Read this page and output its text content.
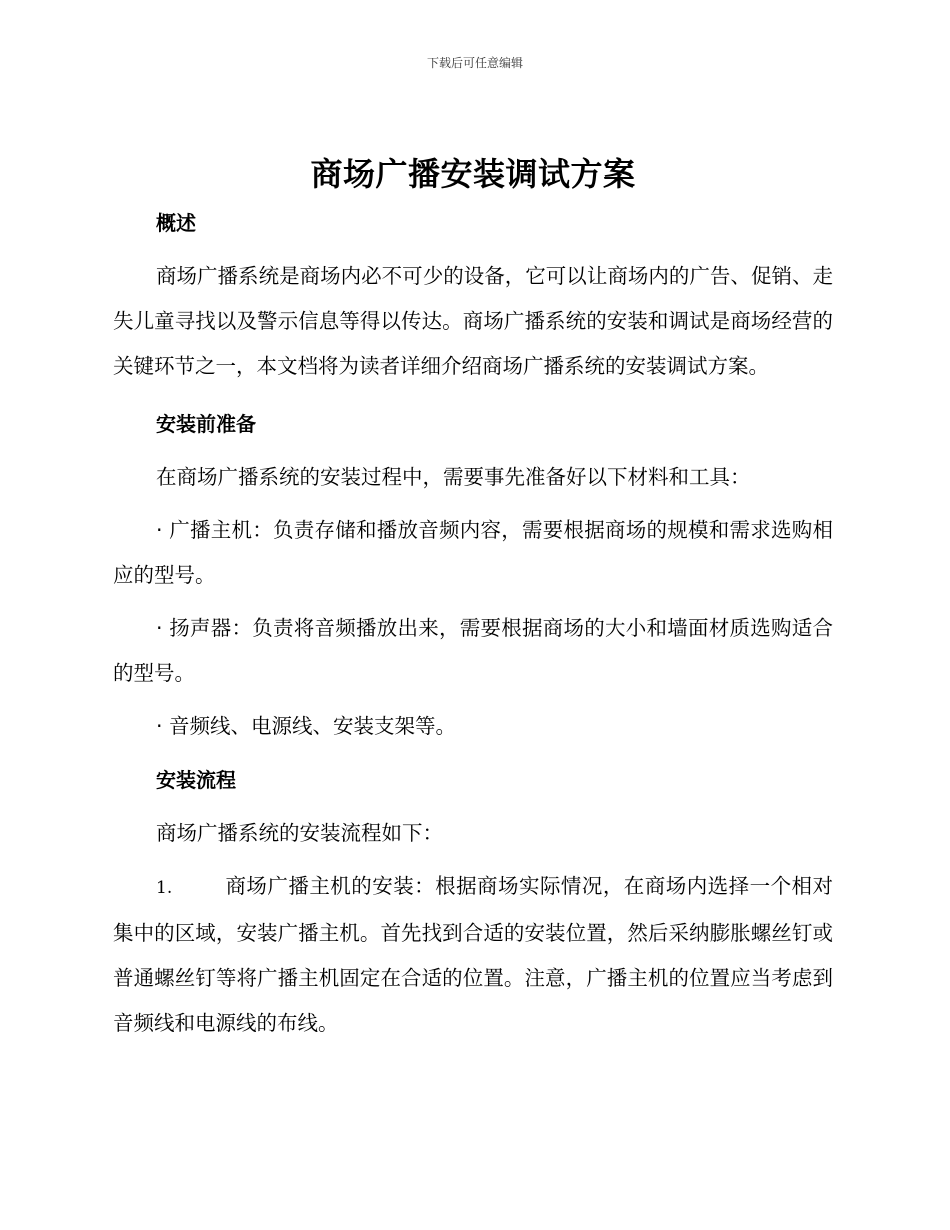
下载后可任意编辑
商场广播安装调试方案
概述

商场广播系统是商场内必不可少的设备，它可以让商场内的广告、促销、走失儿童寻找以及警示信息等得以传达。商场广播系统的安装和调试是商场经营的关键环节之一，本文档将为读者详细介绍商场广播系统的安装调试方案。

安装前准备

在商场广播系统的安装过程中，需要事先准备好以下材料和工具：

· 广播主机：负责存储和播放音频内容，需要根据商场的规模和需求选购相应的型号。

· 扬声器：负责将音频播放出来，需要根据商场的大小和墙面材质选购适合的型号。

· 音频线、电源线、安装支架等。

安装流程

商场广播系统的安装流程如下：

1.	商场广播主机的安装：根据商场实际情况，在商场内选择一个相对集中的区域，安装广播主机。首先找到合适的安装位置，然后采纳膨胀螺丝钉或普通螺丝钉等将广播主机固定在合适的位置。注意，广播主机的位置应当考虑到音频线和电源线的布线。
